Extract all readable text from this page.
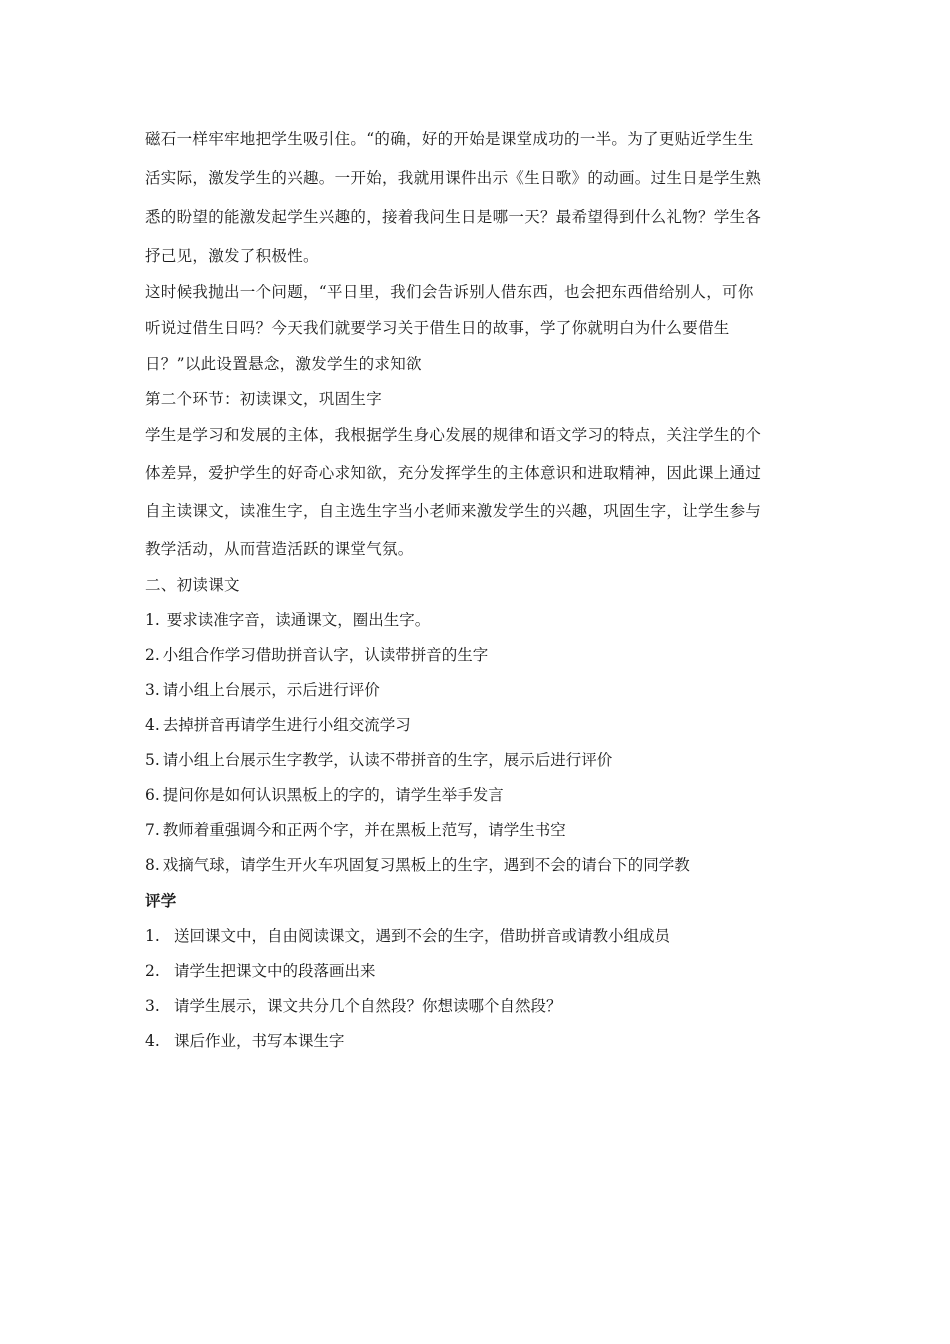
磁石一样牢牢地把学生吸引住。“的确，好的开始是课堂成功的一半。为了更贴近学生生
活实际，激发学生的兴趣。一开始，我就用课件出示《生日歌》的动画。过生日是学生熟
悉的盼望的能激发起学生兴趣的，接着我问生日是哪一天？最希望得到什么礼物？学生各
抒己见，激发了积极性。
这时候我抛出一个问题，“平日里，我们会告诉别人借东西，也会把东西借给别人，可你
听说过借生日吗？今天我们就要学习关于借生日的故事，学了你就明白为什么要借生
日？”以此设置悬念，激发学生的求知欲
第二个环节：初读课文，巩固生字
学生是学习和发展的主体，我根据学生身心发展的规律和语文学习的特点，关注学生的个
体差异，爱护学生的好奇心求知欲，充分发挥学生的主体意识和进取精神，因此课上通过
自主读课文，读准生字，自主选生字当小老师来激发学生的兴趣，巩固生字，让学生参与
教学活动，从而营造活跃的课堂气氛。
二、初读课文
1. 要求读准字音，读通课文，圈出生字。
2. 小组合作学习借助拼音认字，认读带拼音的生字
3. 请小组上台展示，示后进行评价
4. 去掉拼音再请学生进行小组交流学习
5. 请小组上台展示生字教学，认读不带拼音的生字，展示后进行评价
6. 提问你是如何认识黑板上的字的，请学生举手发言
7. 教师着重强调今和正两个字，并在黑板上范写，请学生书空
8. 戏摘气球，请学生开火车巩固复习黑板上的生字，遇到不会的请台下的同学教
评学
1. 送回课文中，自由阅读课文，遇到不会的生字，借助拼音或请教小组成员
2. 请学生把课文中的段落画出来
3. 请学生展示，课文共分几个自然段？你想读哪个自然段？
4. 课后作业，书写本课生字
